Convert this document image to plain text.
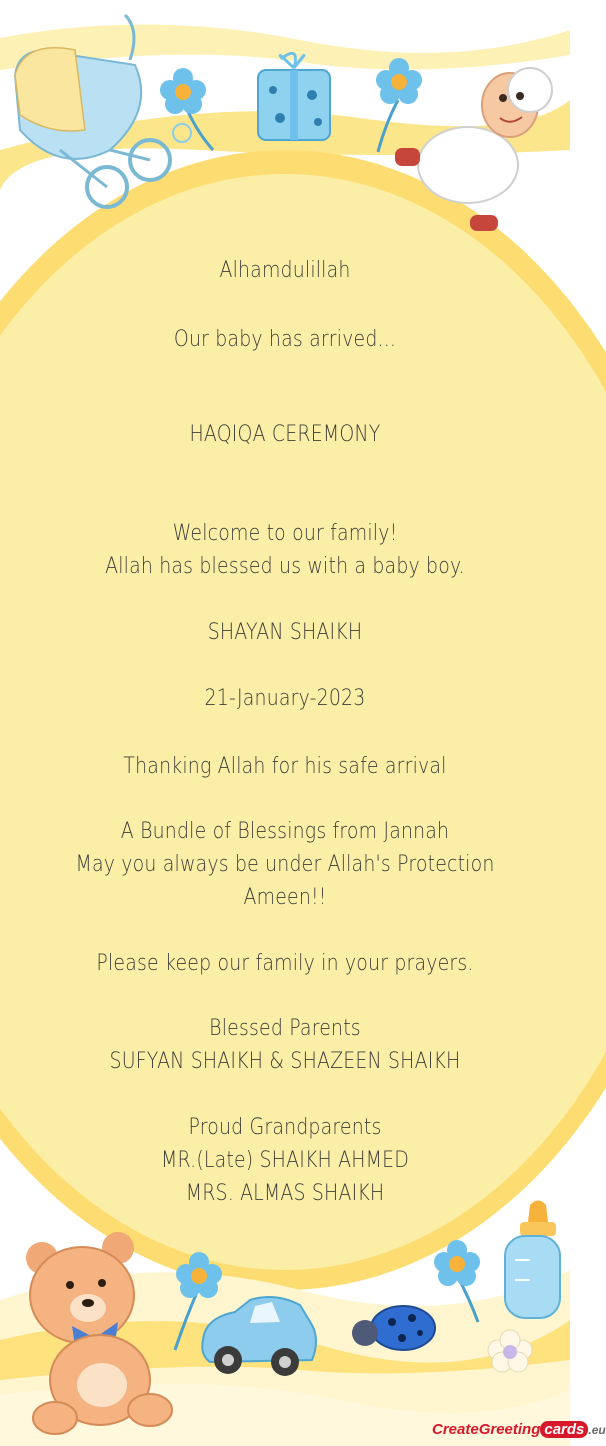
Alhamdulillah
Our baby has arrived...
HAQIQA CEREMONY
Welcome to our family!
Allah has blessed us with a baby boy.
SHAYAN SHAIKH
21-January-2023
Thanking Allah for his safe arrival
A Bundle of Blessings from Jannah
May you always be under Allah's Protection
Ameen!!
Please keep our family in your prayers.
Blessed Parents
SUFYAN SHAIKH & SHAZEEN SHAIKH
Proud Grandparents
MR.(Late) SHAIKH AHMED
MRS. ALMAS SHAIKH
CreateGreeting cards .eu
